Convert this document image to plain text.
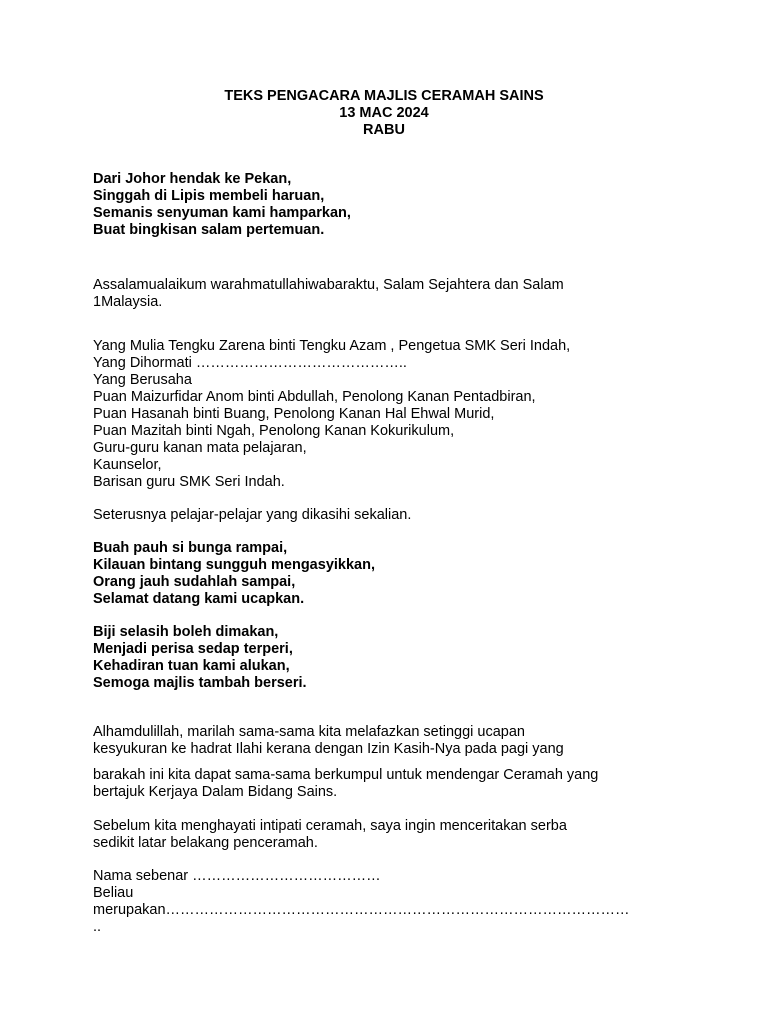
TEKS PENGACARA MAJLIS CERAMAH SAINS
13 MAC 2024
RABU
Dari Johor hendak ke Pekan,
Singgah di Lipis membeli haruan,
Semanis senyuman kami hamparkan,
Buat bingkisan salam pertemuan.
Assalamualaikum warahmatullahiwabaraktu, Salam Sejahtera dan Salam
1Malaysia.
Yang Mulia Tengku Zarena binti Tengku Azam , Pengetua SMK Seri Indah,
Yang Dihormati ……………………………………..
Yang Berusaha
Puan Maizurfidar Anom binti Abdullah, Penolong Kanan Pentadbiran,
Puan Hasanah binti Buang, Penolong Kanan Hal Ehwal Murid,
Puan Mazitah binti Ngah, Penolong Kanan Kokurikulum,
Guru-guru kanan mata pelajaran,
Kaunselor,
Barisan guru SMK Seri Indah.
Seterusnya pelajar-pelajar yang dikasihi sekalian.
Buah pauh si bunga rampai,
Kilauan bintang sungguh mengasyikkan,
Orang jauh sudahlah sampai,
Selamat datang kami ucapkan.
Biji selasih boleh dimakan,
Menjadi perisa sedap terperi,
Kehadiran tuan kami alukan,
Semoga majlis tambah berseri.
Alhamdulillah, marilah sama-sama kita melafazkan setinggi ucapan
kesyukuran ke hadrat Ilahi kerana dengan Izin Kasih-Nya pada pagi yang
barakah ini kita dapat sama-sama berkumpul untuk mendengar Ceramah yang
bertajuk Kerjaya Dalam Bidang Sains.
Sebelum kita menghayati intipati ceramah, saya ingin menceritakan serba
sedikit latar belakang penceramah.
Nama sebenar …………………………………
Beliau
merupakan……………………………………………………………………………………
..
